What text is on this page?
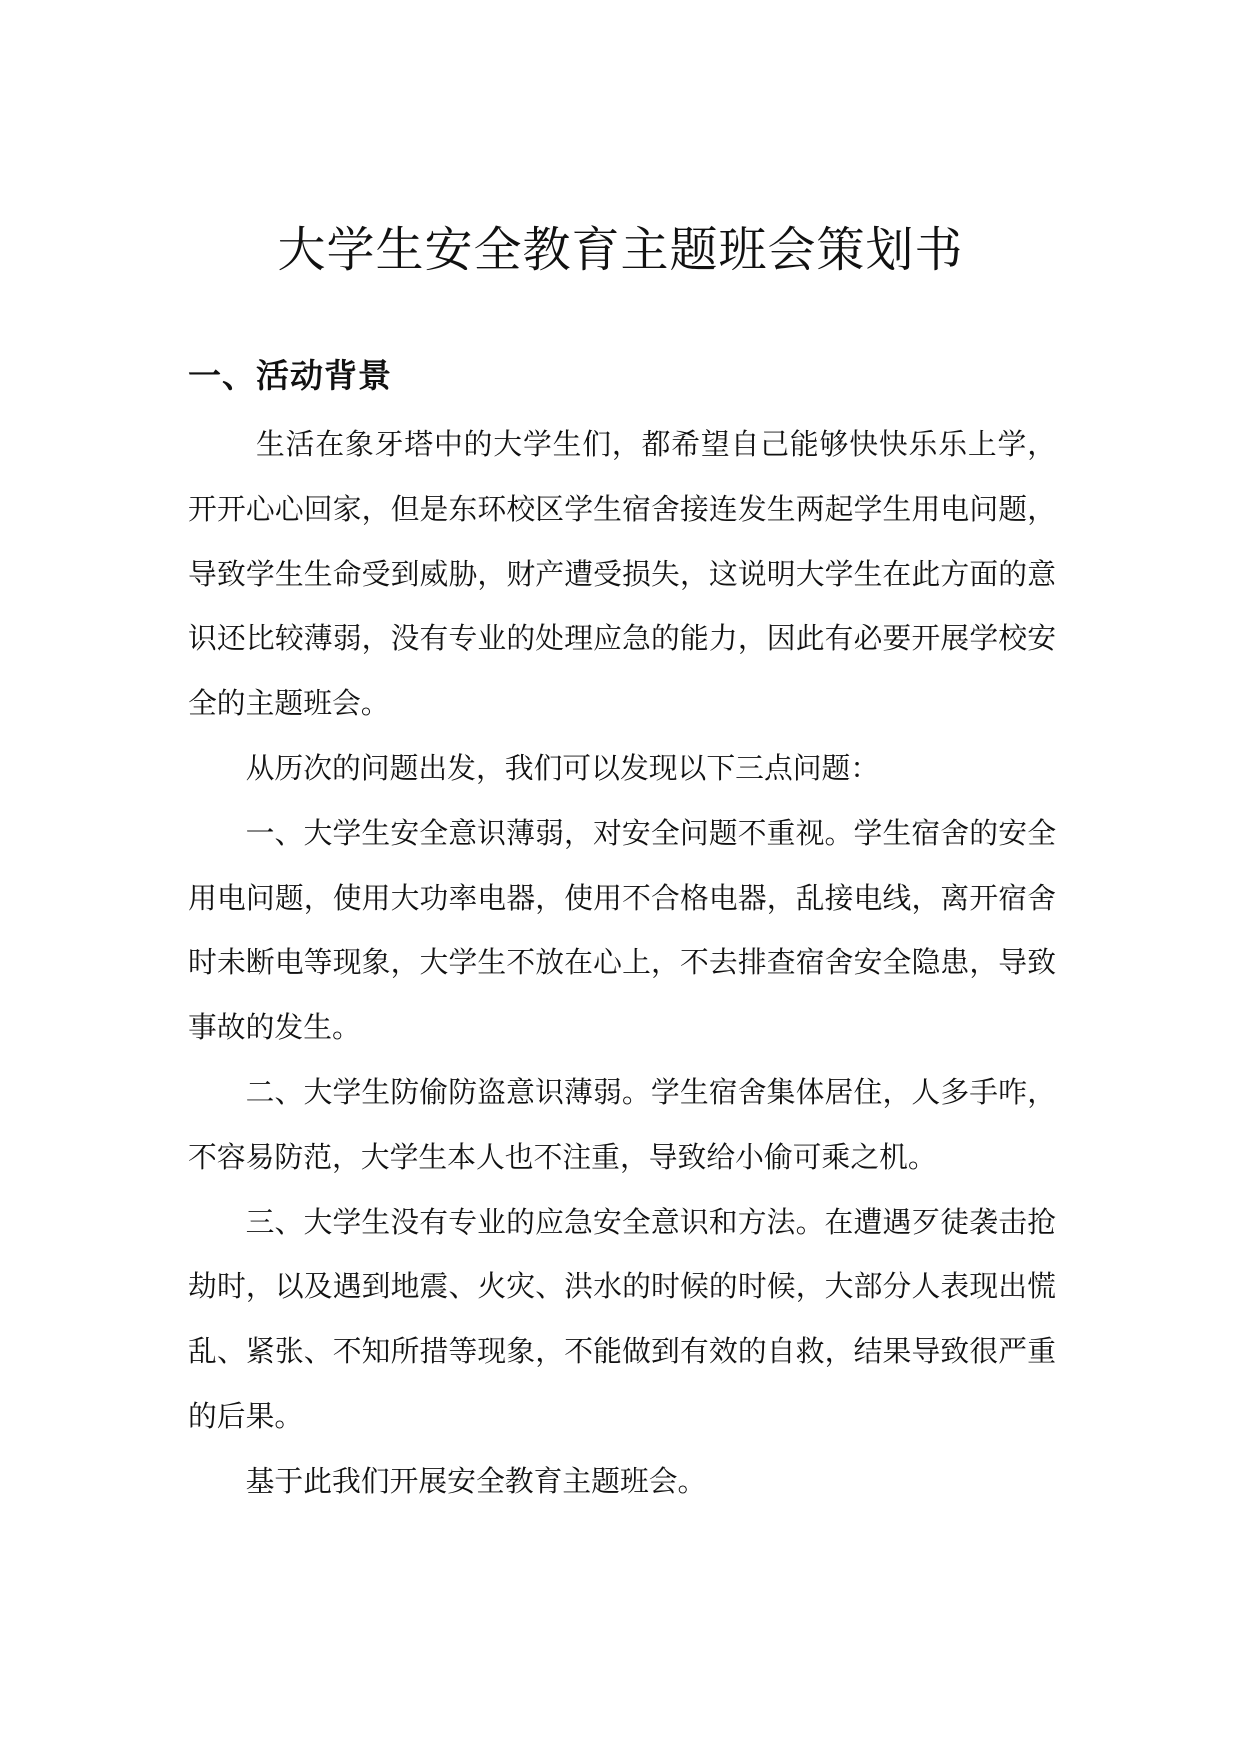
大学生安全教育主题班会策划书
一、活动背景

生活在象牙塔中的大学生们，都希望自己能够快快乐乐上学，开开心心回家，但是东环校区学生宿舍接连发生两起学生用电问题，导致学生生命受到威胁，财产遭受损失，这说明大学生在此方面的意识还比较薄弱，没有专业的处理应急的能力，因此有必要开展学校安全的主题班会。

从历次的问题出发，我们可以发现以下三点问题：

一、大学生安全意识薄弱，对安全问题不重视。学生宿舍的安全用电问题，使用大功率电器，使用不合格电器，乱接电线，离开宿舍时未断电等现象，大学生不放在心上，不去排查宿舍安全隐患，导致事故的发生。

二、大学生防偷防盗意识薄弱。学生宿舍集体居住，人多手咋，不容易防范，大学生本人也不注重，导致给小偷可乘之机。

三、大学生没有专业的应急安全意识和方法。在遭遇歹徒袭击抢劫时，以及遇到地震、火灾、洪水的时候的时候，大部分人表现出慌乱、紧张、不知所措等现象，不能做到有效的自救，结果导致很严重的后果。

基于此我们开展安全教育主题班会。
